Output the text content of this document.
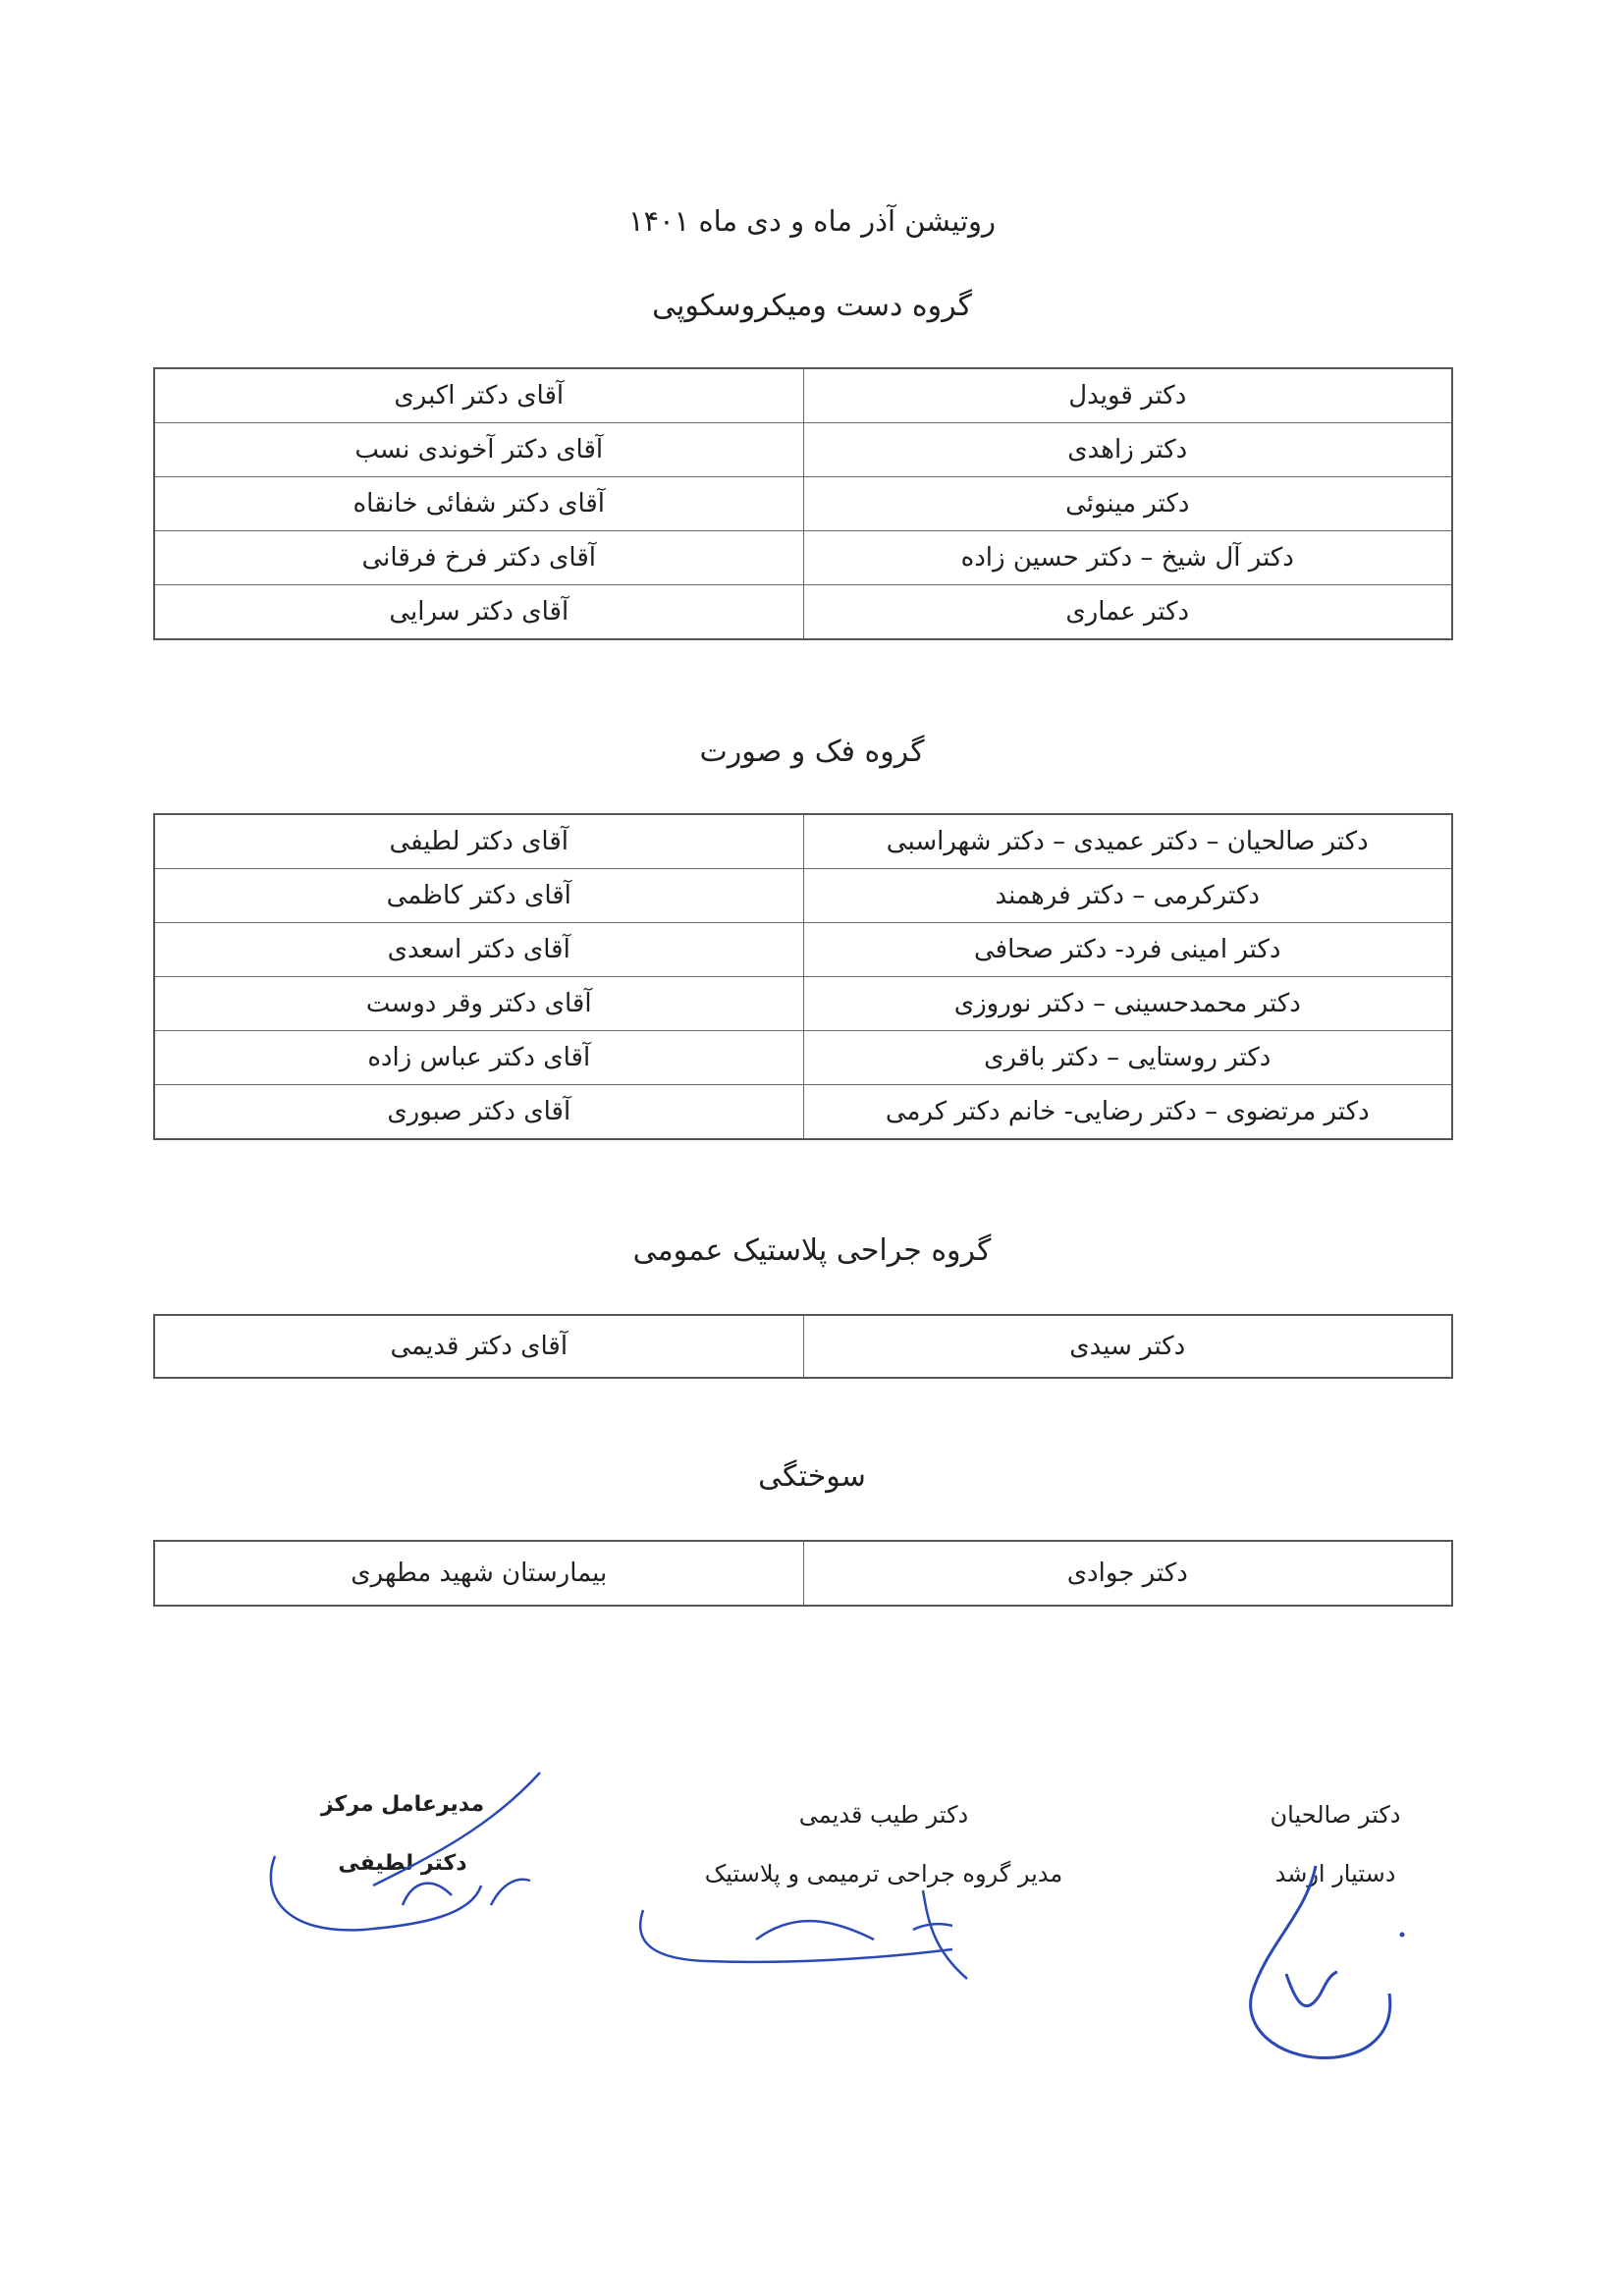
روتیشن آذر ماه و دی ماه ۱۴۰۱
گروه دست ومیکروسکوپی
دکتر قویدل	آقای دکتر اکبری
دکتر زاهدی	آقای دکتر آخوندی نسب
دکتر مینوئی	آقای دکتر شفائی خانقاه
دکتر آل شیخ – دکتر حسین زاده	آقای دکتر فرخ فرقانی
دکتر عماری	آقای دکتر سرایی
گروه فک و صورت
دکتر صالحیان – دکتر عمیدی – دکتر شهراسبی	آقای دکتر لطیفی
دکترکرمی – دکتر فرهمند	آقای دکتر کاظمی
دکتر امینی فرد- دکتر صحافی	آقای دکتر اسعدی
دکتر محمدحسینی – دکتر نوروزی	آقای دکتر وقر دوست
دکتر روستایی – دکتر باقری	آقای دکتر عباس زاده
دکتر مرتضوی – دکتر رضایی- خانم دکتر کرمی	آقای دکتر صبوری
گروه جراحی پلاستیک عمومی
دکتر سیدی	آقای دکتر قدیمی
سوختگی
دکتر جوادی	بیمارستان شهید مطهری
دکتر صالحیان
دستیار ارشد
دکتر طیب قدیمی
مدیر گروه جراحی ترمیمی و پلاستیک
مدیرعامل مرکز
دکتر لطیفی
